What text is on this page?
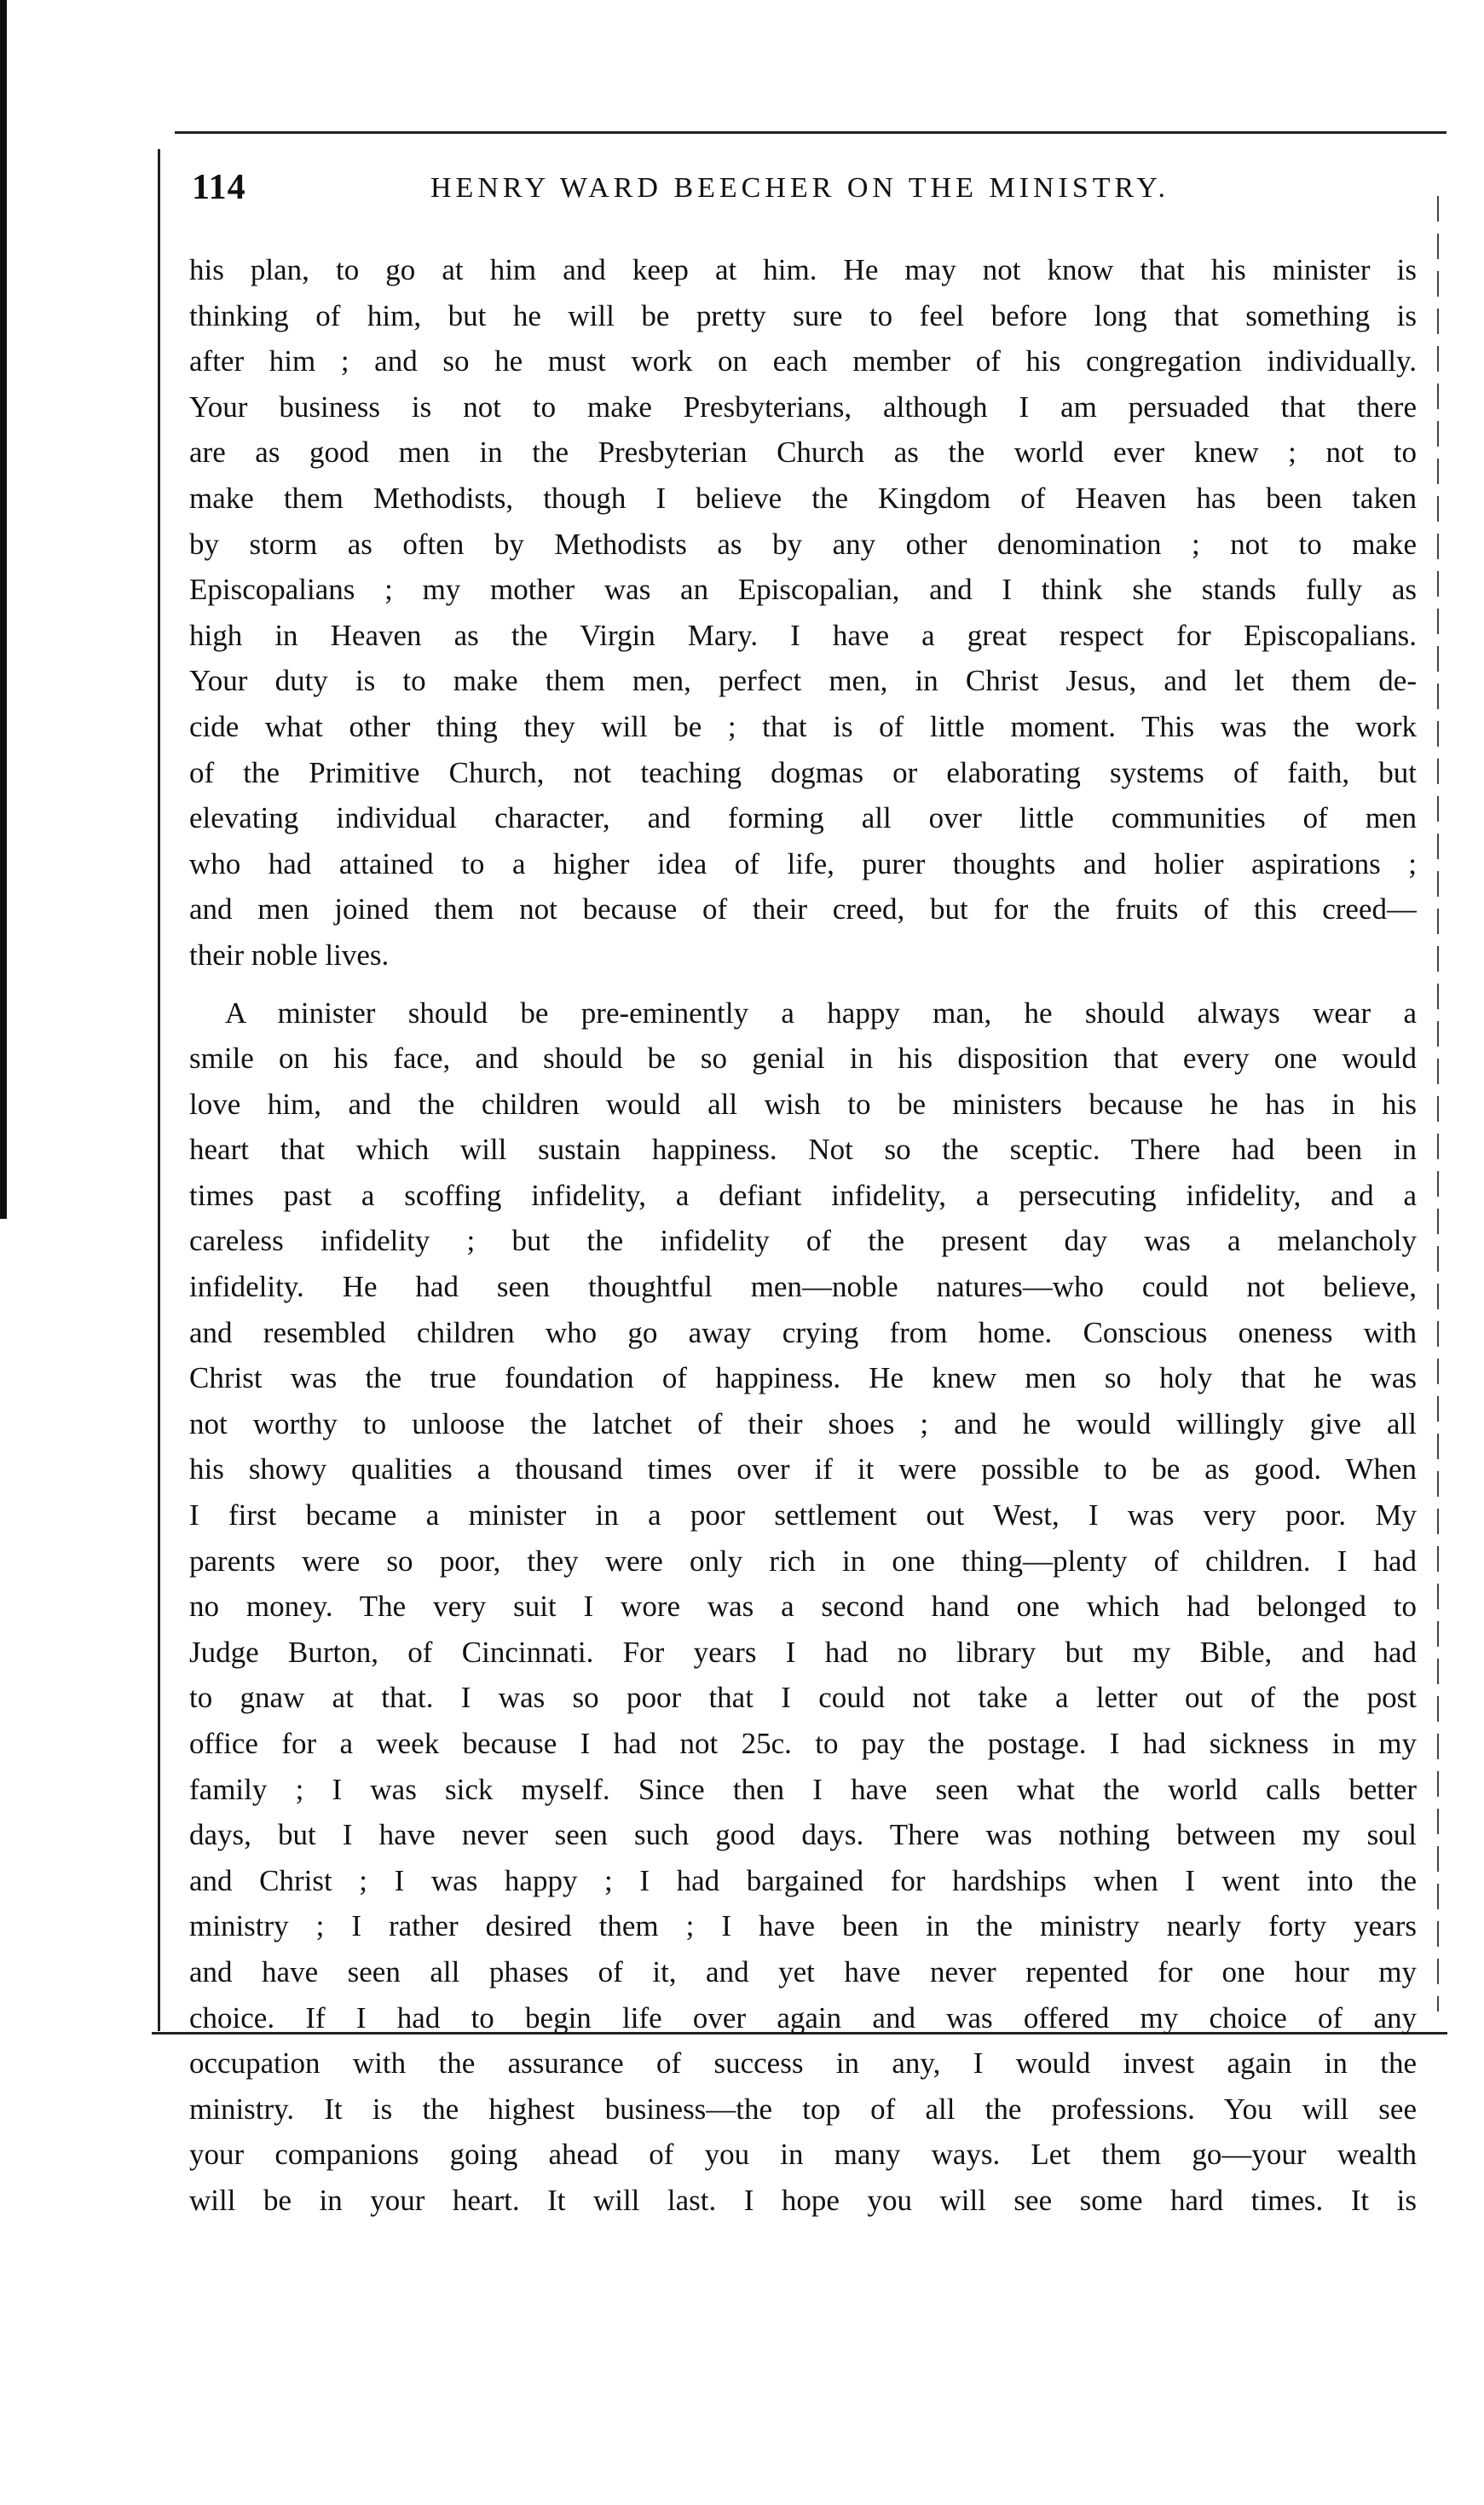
114	HENRY WARD BEECHER ON THE MINISTRY.
his plan, to go at him and keep at him. He may not know that his minister is
thinking of him, but he will be pretty sure to feel before long that something is
after him ; and so he must work on each member of his congregation individually.
Your business is not to make Presbyterians, although I am persuaded that there
are as good men in the Presbyterian Church as the world ever knew ; not to
make them Methodists, though I believe the Kingdom of Heaven has been taken
by storm as often by Methodists as by any other denomination ; not to make
Episcopalians ; my mother was an Episcopalian, and I think she stands fully as
high in Heaven as the Virgin Mary. I have a great respect for Episcopalians.
Your duty is to make them men, perfect men, in Christ Jesus, and let them de-
cide what other thing they will be ; that is of little moment. This was the work
of the Primitive Church, not teaching dogmas or elaborating systems of faith, but
elevating individual character, and forming all over little communities of men
who had attained to a higher idea of life, purer thoughts and holier aspirations ;
and men joined them not because of their creed, but for the fruits of this creed—
their noble lives.
A minister should be pre-eminently a happy man, he should always wear a
smile on his face, and should be so genial in his disposition that every one would
love him, and the children would all wish to be ministers because he has in his
heart that which will sustain happiness. Not so the sceptic. There had been in
times past a scoffing infidelity, a defiant infidelity, a persecuting infidelity, and a
careless infidelity ; but the infidelity of the present day was a melancholy
infidelity. He had seen thoughtful men—noble natures—who could not believe,
and resembled children who go away crying from home. Conscious oneness with
Christ was the true foundation of happiness. He knew men so holy that he was
not worthy to unloose the latchet of their shoes ; and he would willingly give all
his showy qualities a thousand times over if it were possible to be as good. When
I first became a minister in a poor settlement out West, I was very poor. My
parents were so poor, they were only rich in one thing—plenty of children. I had
no money. The very suit I wore was a second hand one which had belonged to
Judge Burton, of Cincinnati. For years I had no library but my Bible, and had
to gnaw at that. I was so poor that I could not take a letter out of the post
office for a week because I had not 25c. to pay the postage. I had sickness in my
family ; I was sick myself. Since then I have seen what the world calls better
days, but I have never seen such good days. There was nothing between my soul
and Christ ; I was happy ; I had bargained for hardships when I went into the
ministry ; I rather desired them ; I have been in the ministry nearly forty years
and have seen all phases of it, and yet have never repented for one hour my
choice. If I had to begin life over again and was offered my choice of any
occupation with the assurance of success in any, I would invest again in the
ministry. It is the highest business—the top of all the professions. You will see
your companions going ahead of you in many ways. Let them go—your wealth
will be in your heart. It will last. I hope you will see some hard times. It is
